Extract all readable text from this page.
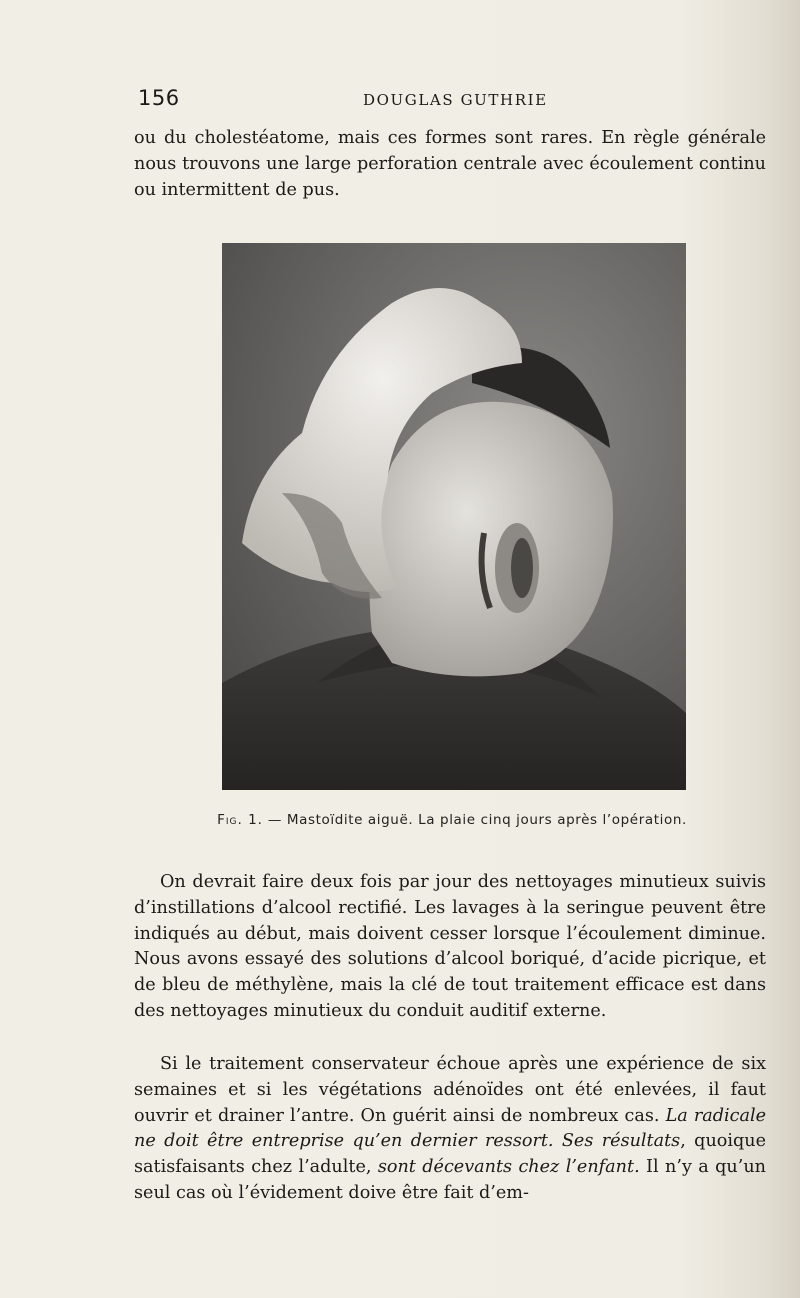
156	DOUGLAS GUTHRIE

ou du cholestéatome, mais ces formes sont rares. En règle générale nous trouvons une large perforation centrale avec écoulement continu ou intermittent de pus.

Fig. 1. — Mastoïdite aiguë. La plaie cinq jours après l’opération.

On devrait faire deux fois par jour des nettoyages minutieux suivis d’instillations d’alcool rectifié. Les lavages à la seringue peuvent être indiqués au début, mais doivent cesser lorsque l’écoulement diminue. Nous avons essayé des solutions d’alcool boriqué, d’acide picrique, et de bleu de méthylène, mais la clé de tout traitement efficace est dans des nettoyages minutieux du conduit auditif externe.

Si le traitement conservateur échoue après une expérience de six semaines et si les végétations adénoïdes ont été enlevées, il faut ouvrir et drainer l’antre. On guérit ainsi de nombreux cas. La radicale ne doit être entreprise qu’en dernier ressort. Ses résultats, quoique satisfaisants chez l’adulte, sont décevants chez l’enfant. Il n’y a qu’un seul cas où l’évidement doive être fait d’em-
